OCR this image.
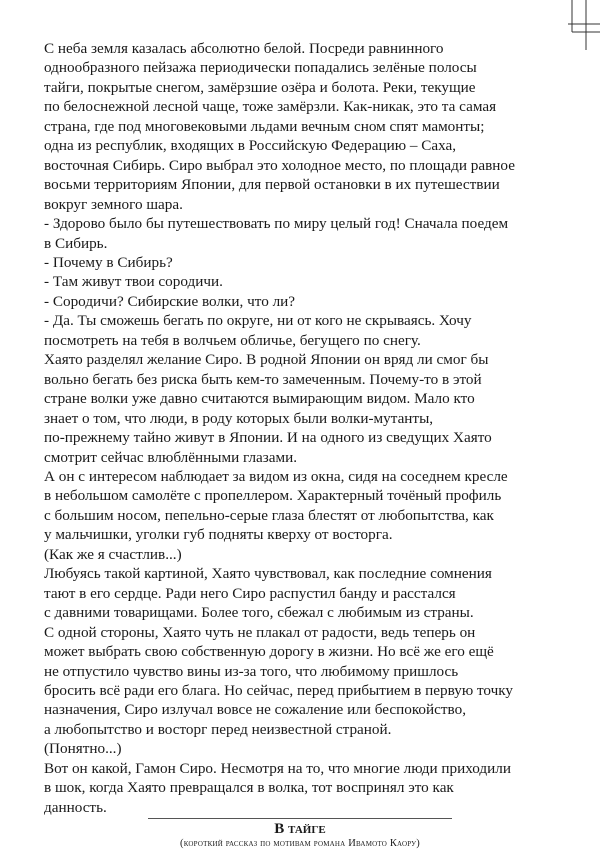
С неба земля казалась абсолютно белой. Посреди равнинного
однообразного пейзажа периодически попадались зелёные полосы
тайги, покрытые снегом, замёрзшие озёра и болота. Реки, текущие
по белоснежной лесной чаще, тоже замёрзли. Как-никак, это та самая
страна, где под многовековыми льдами вечным сном спят мамонты;
одна из республик, входящих в Российскую Федерацию – Саха,
восточная Сибирь. Сиро выбрал это холодное место, по площади равное
восьми территориям Японии, для первой остановки в их путешествии
вокруг земного шара.
- Здорово было бы путешествовать по миру целый год! Сначала поедем
в Сибирь.
- Почему в Сибирь?
- Там живут твои сородичи.
- Сородичи? Сибирские волки, что ли?
- Да. Ты сможешь бегать по округе, ни от кого не скрываясь. Хочу
посмотреть на тебя в волчьем обличье, бегущего по снегу.
Хаято разделял желание Сиро. В родной Японии он вряд ли смог бы
вольно бегать без риска быть кем-то замеченным. Почему-то в этой
стране волки уже давно считаются вымирающим видом. Мало кто
знает о том, что люди, в роду которых были волки-мутанты,
по-прежнему тайно живут в Японии. И на одного из сведущих Хаято
смотрит сейчас влюблёнными глазами.
А он с интересом наблюдает за видом из окна, сидя на соседнем кресле
в небольшом самолёте с пропеллером. Характерный точёный профиль
с большим носом, пепельно-серые глаза блестят от любопытства, как
у мальчишки, уголки губ подняты кверху от восторга.
(Как же я счастлив...)
Любуясь такой картиной, Хаято чувствовал, как последние сомнения
тают в его сердце. Ради него Сиро распустил банду и расстался
с давними товарищами. Более того, сбежал с любимым из страны.
С одной стороны, Хаято чуть не плакал от радости, ведь теперь он
может выбрать свою собственную дорогу в жизни. Но всё же его ещё
не отпустило чувство вины из-за того, что любимому пришлось
бросить всё ради его блага. Но сейчас, перед прибытием в первую точку
назначения, Сиро излучал вовсе не сожаление или беспокойство,
а любопытство и восторг перед неизвестной страной.
(Понятно...)
Вот он какой, Гамон Сиро. Несмотря на то, что многие люди приходили
в шок, когда Хаято превращался в волка, тот воспринял это как
данность.
В тайге
(короткий рассказ по мотивам романа Ивамото Каору)
